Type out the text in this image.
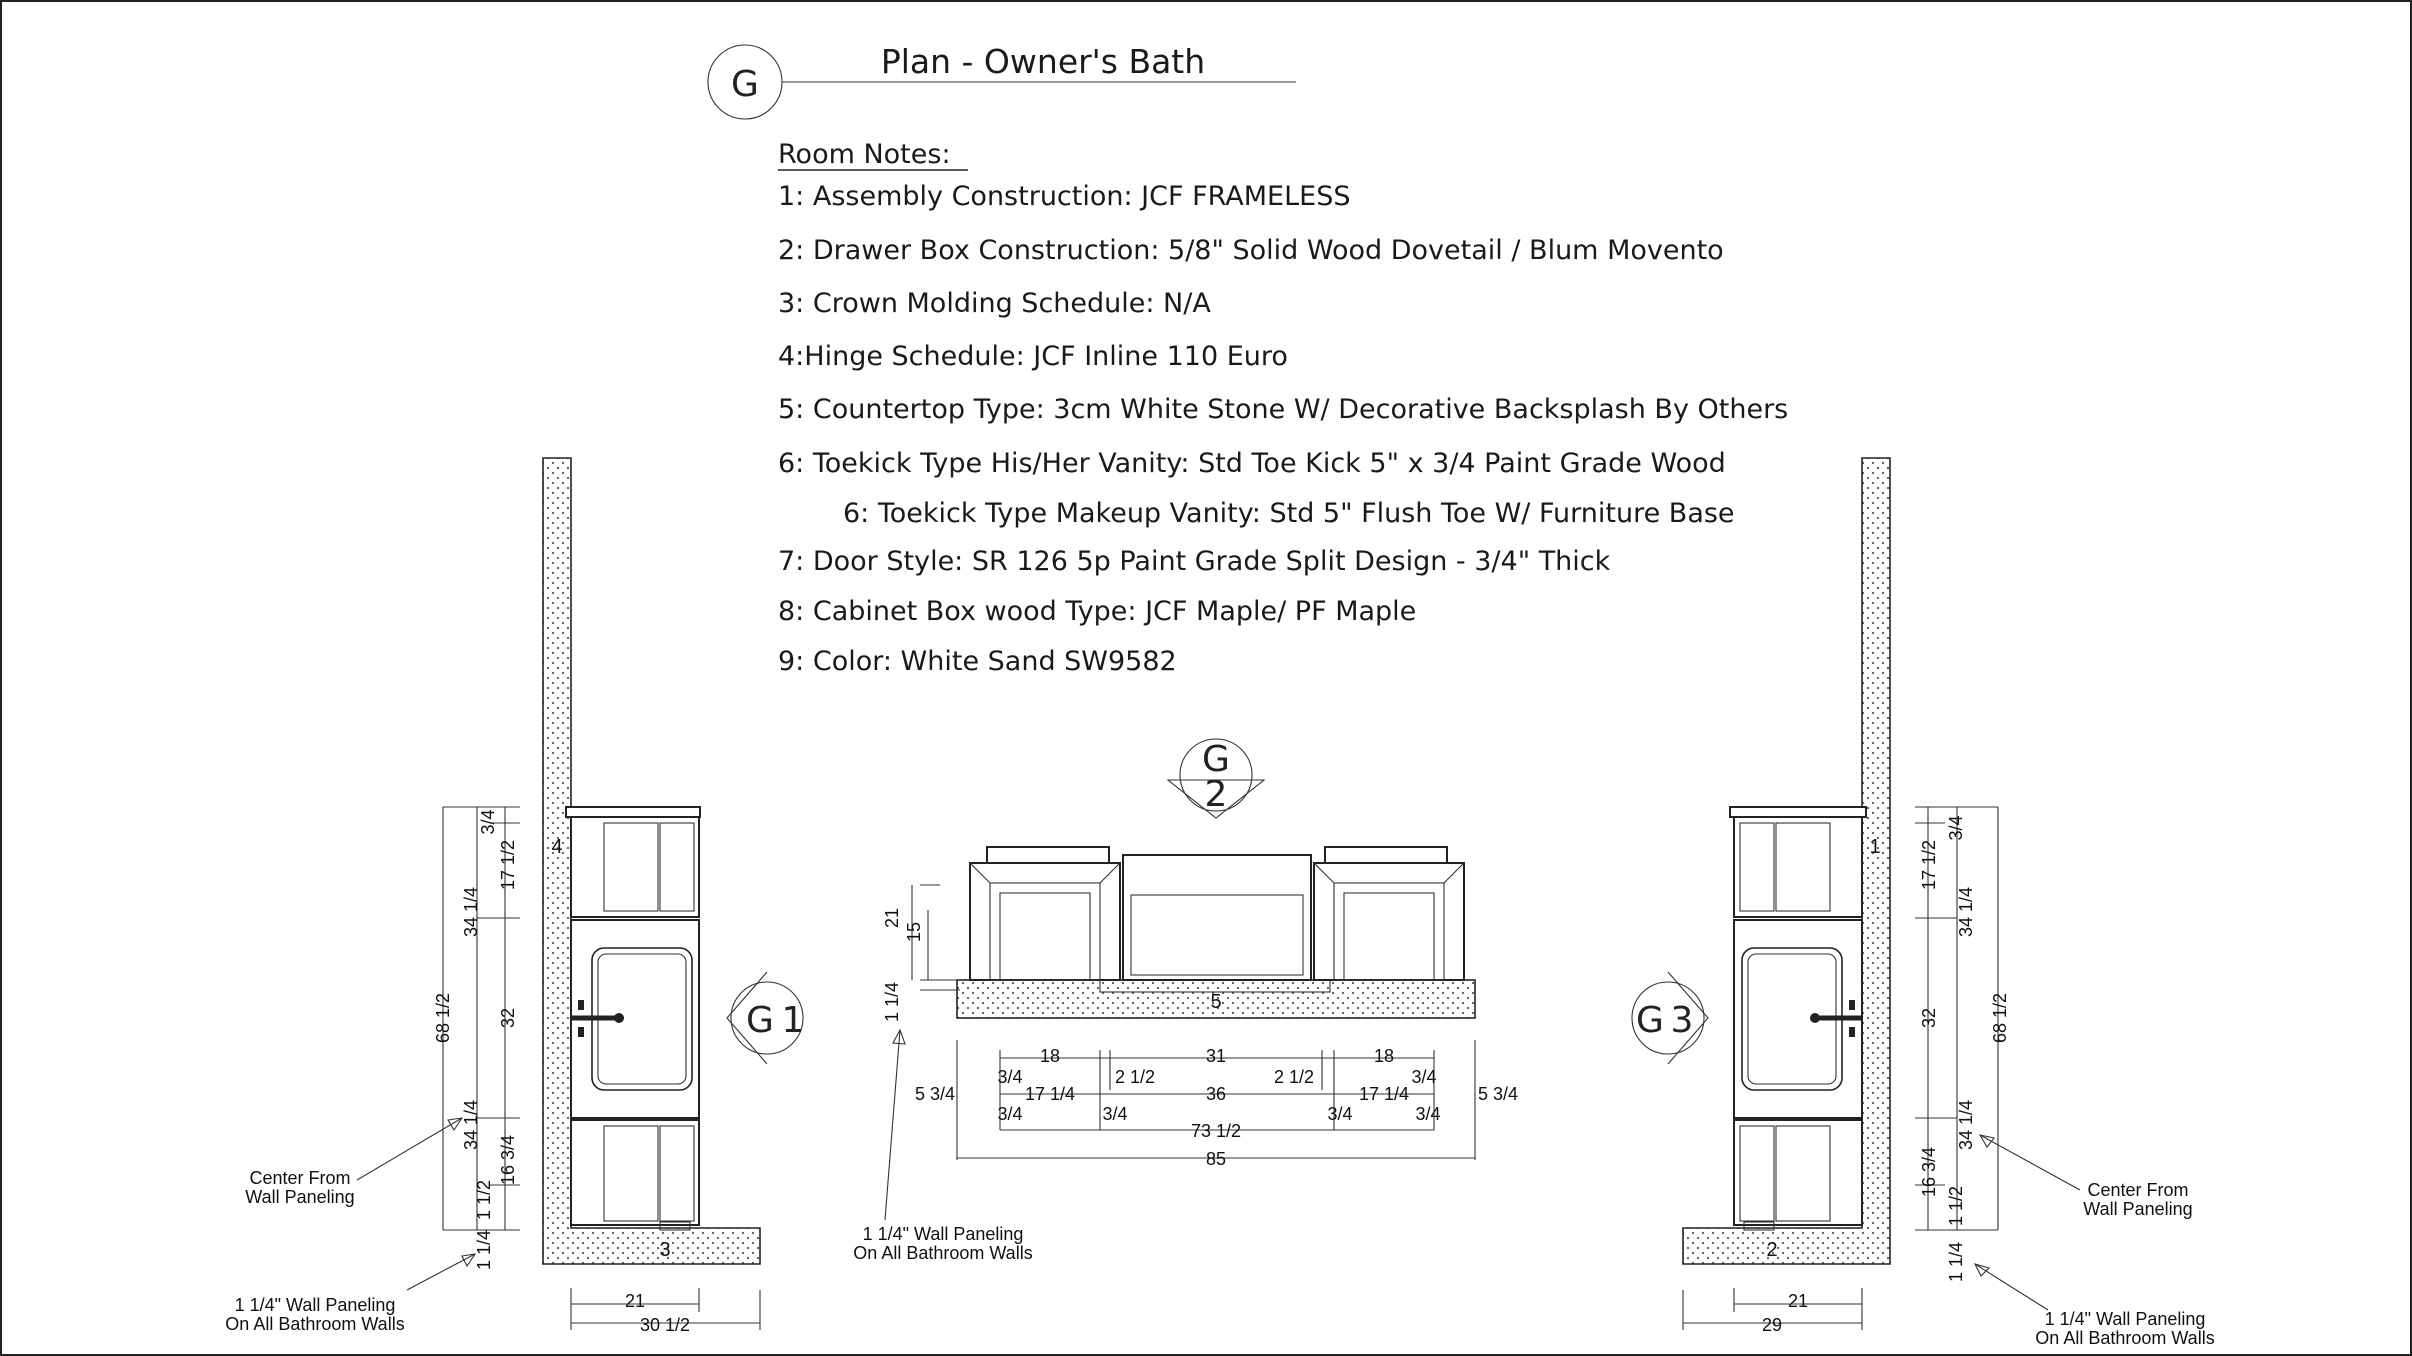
G
Plan - Owner's Bath
Room Notes:
1: Assembly Construction: JCF FRAMELESS
2: Drawer Box Construction: 5/8" Solid Wood Dovetail / Blum Movento
3: Crown Molding Schedule: N/A
4:Hinge Schedule: JCF Inline 110 Euro
5: Countertop Type: 3cm White Stone W/ Decorative Backsplash By Others
6: Toekick Type His/Her Vanity: Std Toe Kick 5" x 3/4 Paint Grade Wood
6: Toekick Type Makeup Vanity: Std 5" Flush Toe W/ Furniture Base
7: Door Style: SR 126 5p Paint Grade Split Design - 3/4" Thick
8: Cabinet Box wood Type: JCF Maple/ PF Maple
9: Color: White Sand SW9582
4
3
3/4
17 1/2
34 1/4
32
68 1/2
34 1/4
16 3/4
1 1/2
1 1/4
21
30 1/2
Center From
Wall Paneling
1 1/4" Wall Paneling
On All Bathroom Walls
G 1
G
2
5
21
15
1 1/4
18	31	18
3/4	2 1/2	2 1/2	3/4
5 3/4	17 1/4	36	17 1/4	5 3/4
3/4	3/4	3/4	3/4
73 1/2
85
1 1/4" Wall Paneling
On All Bathroom Walls
G 3
1
2
3/4
17 1/2
34 1/4
32	68 1/2
34 1/4
16 3/4
1 1/2
1 1/4
21
29
Center From
Wall Paneling
1 1/4" Wall Paneling
On All Bathroom Walls
